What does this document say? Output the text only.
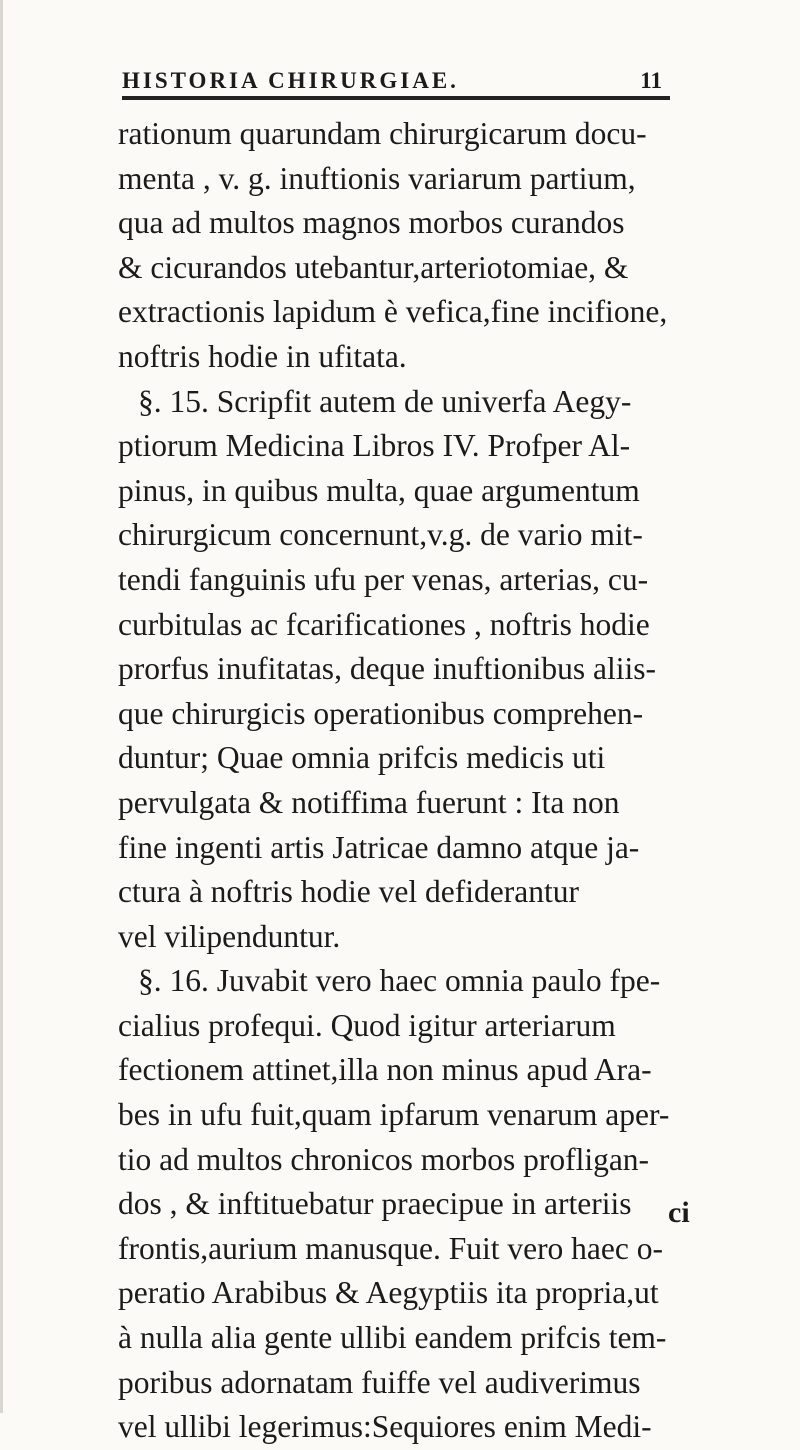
HISTORIA CHIRURGIAE.	11
rationum quarundam chirurgicarum docu-
menta , v. g. inuftionis variarum partium,
qua ad multos magnos morbos curandos
& cicurandos utebantur,arteriotomiae, &
extractionis lapidum è vefica,fine incifione,
noftris hodie in ufitata.
§. 15. Scripfit autem de univerfa Aegy-
ptiorum Medicina Libros IV. Profper Al-
pinus, in quibus multa, quae argumentum
chirurgicum concernunt,v.g. de vario mit-
tendi fanguinis ufu per venas, arterias, cu-
curbitulas ac fcarificationes , noftris hodie
prorfus inufitatas, deque inuftionibus aliis-
que chirurgicis operationibus comprehen-
duntur; Quae omnia prifcis medicis uti
pervulgata & notiffima fuerunt : Ita non
fine ingenti artis Jatricae damno atque ja-
ctura à noftris hodie vel defiderantur
vel vilipenduntur.
§. 16. Juvabit vero haec omnia paulo fpe-
cialius profequi. Quod igitur arteriarum
fectionem attinet,illa non minus apud Ara-
bes in ufu fuit,quam ipfarum venarum aper-
tio ad multos chronicos morbos profligan-
dos , & inftituebatur praecipue in arteriis
frontis,aurium manusque. Fuit vero haec o-
peratio Arabibus & Aegyptiis ita propria,ut
à nulla alia gente ullibi eandem prifcis tem-
poribus adornatam fuiffe vel audiverimus
vel ullibi legerimus:Sequiores enim Medi-
ci
